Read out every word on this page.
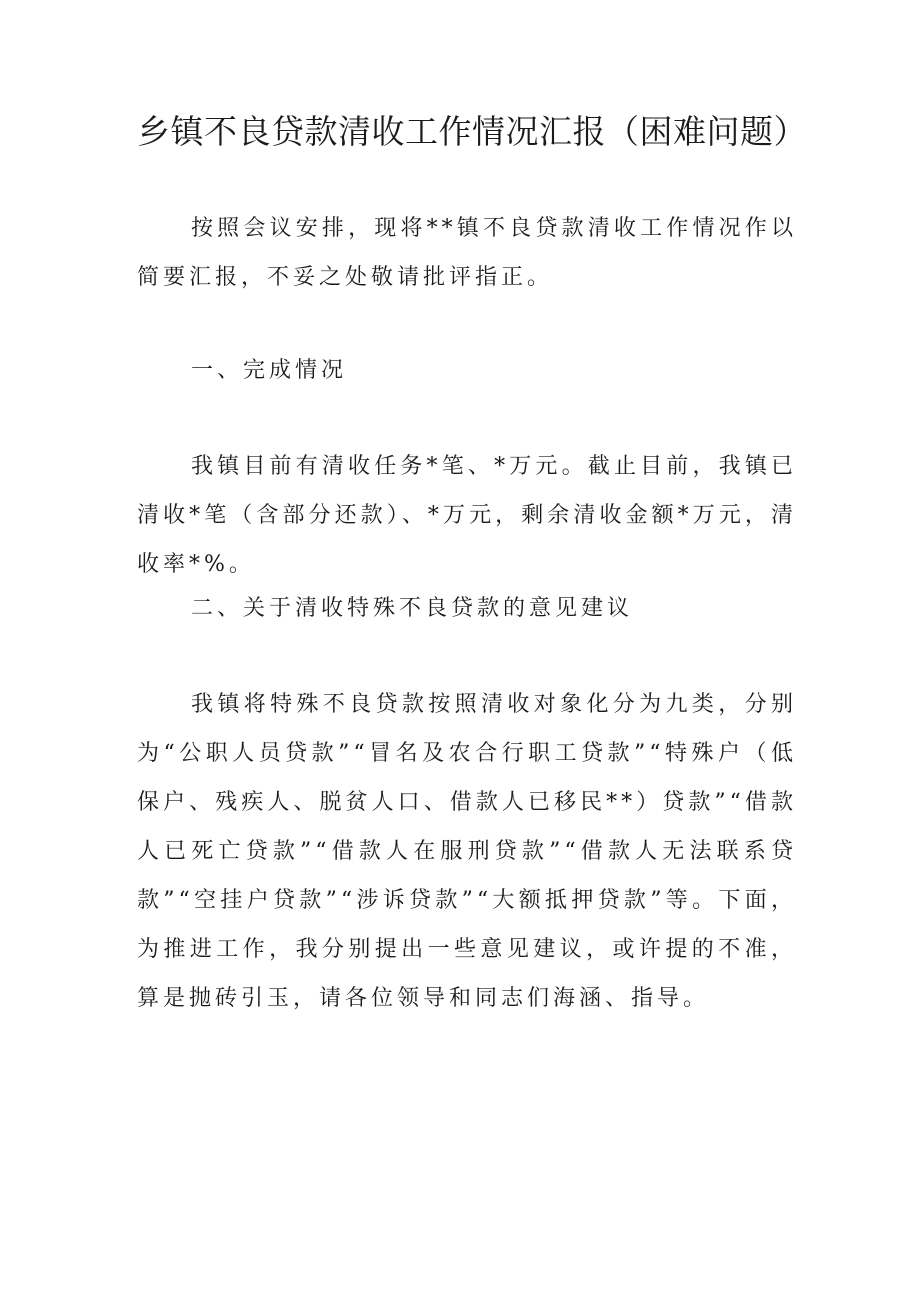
乡镇不良贷款清收工作情况汇报（困难问题）

按照会议安排，现将**镇不良贷款清收工作情况作以简要汇报，不妥之处敬请批评指正。

一、完成情况

我镇目前有清收任务*笔、*万元。截止目前，我镇已清收*笔（含部分还款）、*万元，剩余清收金额*万元，清收率*%。

二、关于清收特殊不良贷款的意见建议

我镇将特殊不良贷款按照清收对象化分为九类，分别为“公职人员贷款”“冒名及农合行职工贷款”“特殊户（低保户、残疾人、脱贫人口、借款人已移民**）贷款”“借款人已死亡贷款”“借款人在服刑贷款”“借款人无法联系贷款”“空挂户贷款”“涉诉贷款”“大额抵押贷款”等。下面，为推进工作，我分别提出一些意见建议，或许提的不准，算是抛砖引玉，请各位领导和同志们海涵、指导。
